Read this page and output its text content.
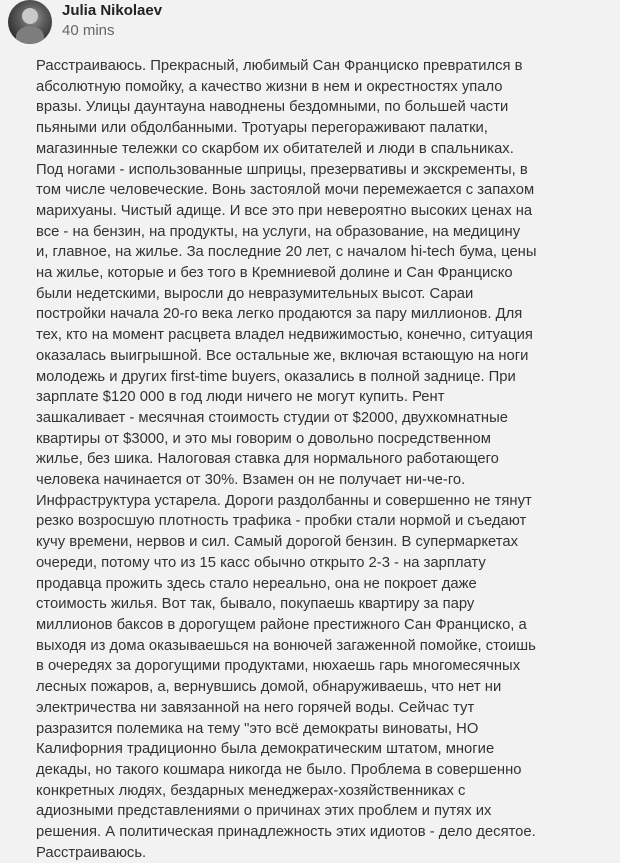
Julia Nikolaev
40 mins

Расстраиваюсь. Прекрасный, любимый Сан Франциско превратился в

абсолютную помойку, а качество жизни в нем и окрестностях упало

вразы. Улицы даунтауна наводнены бездомными, по большей части

пьяными или обдолбанными. Тротуары перегораживают палатки,

магазинные тележки со скарбом их обитателей и люди в спальниках.

Под ногами - использованные шприцы, презервативы и экскременты, в

том числе человеческие. Вонь застоялой мочи перемежается с запахом

марихуаны. Чистый адище. И все это при невероятно высоких ценах на

все - на бензин, на продукты, на услуги, на образование, на медицину

и, главное, на жилье. За последние 20 лет, с началом hi-tech бума, цены

на жилье, которые и без того в Кремниевой долине и Сан Франциско

были недетскими, выросли до невразумительных высот. Сараи

постройки начала 20-го века легко продаются за пару миллионов. Для

тех, кто на момент расцвета владел недвижимостью, конечно, ситуация

оказалась выигрышной. Все остальные же, включая встающую на ноги

молодежь и других first-time buyers, оказались в полной заднице. При

зарплате $120 000 в год люди ничего не могут купить. Рент

зашкаливает - месячная стоимость студии от $2000, двухкомнатные

квартиры от $3000, и это мы говорим о довольно посредственном

жилье, без шика. Налоговая ставка для нормального работающего

человека начинается от 30%. Взамен он не получает ни-че-го.

Инфраструктура устарела. Дороги раздолбанны и совершенно не тянут

резко возросшую плотность трафика - пробки стали нормой и съедают

кучу времени, нервов и сил. Самый дорогой бензин. В супермаркетах

очереди, потому что из 15 касс обычно открыто 2-3 - на зарплату

продавца прожить здесь стало нереально, она не покроет даже

стоимость жилья. Вот так, бывало, покупаешь квартиру за пару

миллионов баксов в дорогущем районе престижного Сан Франциско, а

выходя из дома оказываешься на вонючей загаженной помойке, стоишь

в очередях за дорогущими продуктами, нюхаешь гарь многомесячных

лесных пожаров, а, вернувшись домой, обнаруживаешь, что нет ни

электричества ни завязанной на него горячей воды. Сейчас тут

разразится полемика на тему "это всё демократы виноваты, НО

Калифорния традиционно была демократическим штатом, многие

декады, но такого кошмара никогда не было. Проблема в совершенно

конкретных людях, бездарных менеджерах-хозяйственниках с

адиозными представлениями о причинах этих проблем и путях их

решения. А политическая принадлежность этих идиотов - дело десятое.

Расстраиваюсь.
